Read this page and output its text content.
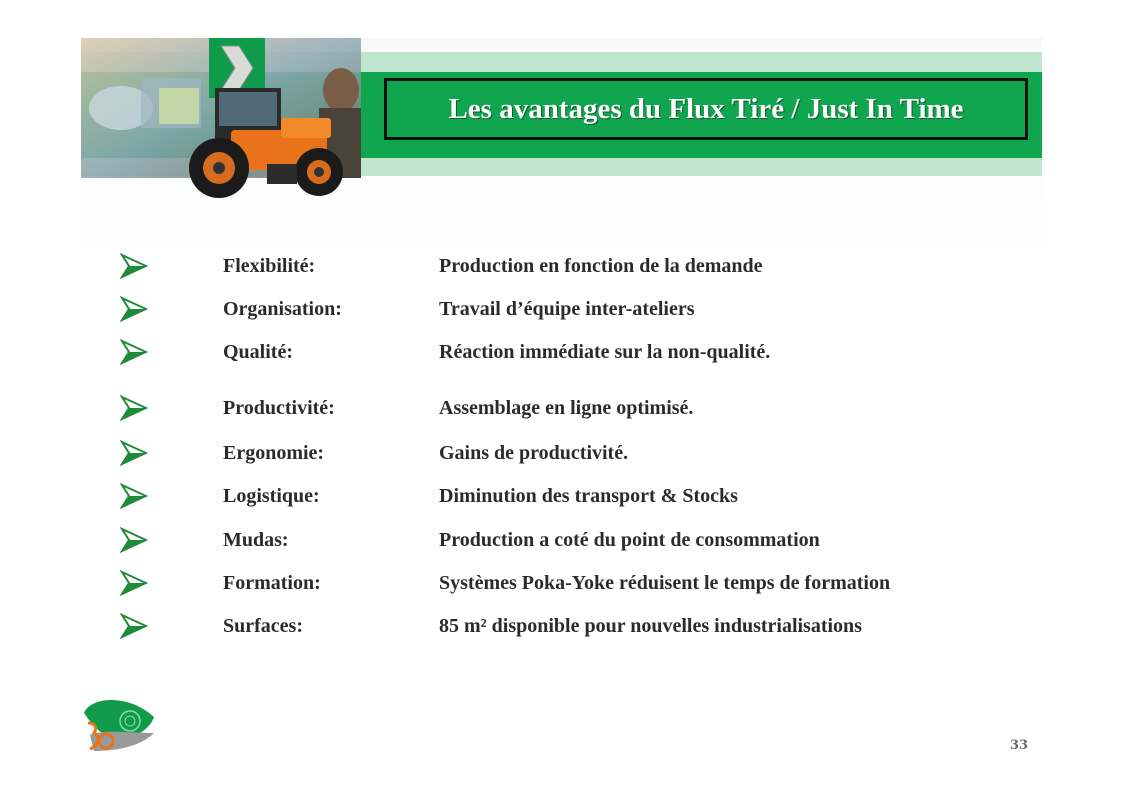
Les avantages du Flux Tiré / Just In Time
Flexibilité:	Production en fonction de la demande
Organisation:	Travail d’équipe inter-ateliers
Qualité:	Réaction immédiate sur la non-qualité.
Productivité:	Assemblage en ligne optimisé.
Ergonomie:	Gains de productivité.
Logistique:	Diminution des transport & Stocks
Mudas:	Production a coté du point de consommation
Formation:	Systèmes Poka-Yoke réduisent le temps de formation
Surfaces:	85 m² disponible pour nouvelles industrialisations
33
